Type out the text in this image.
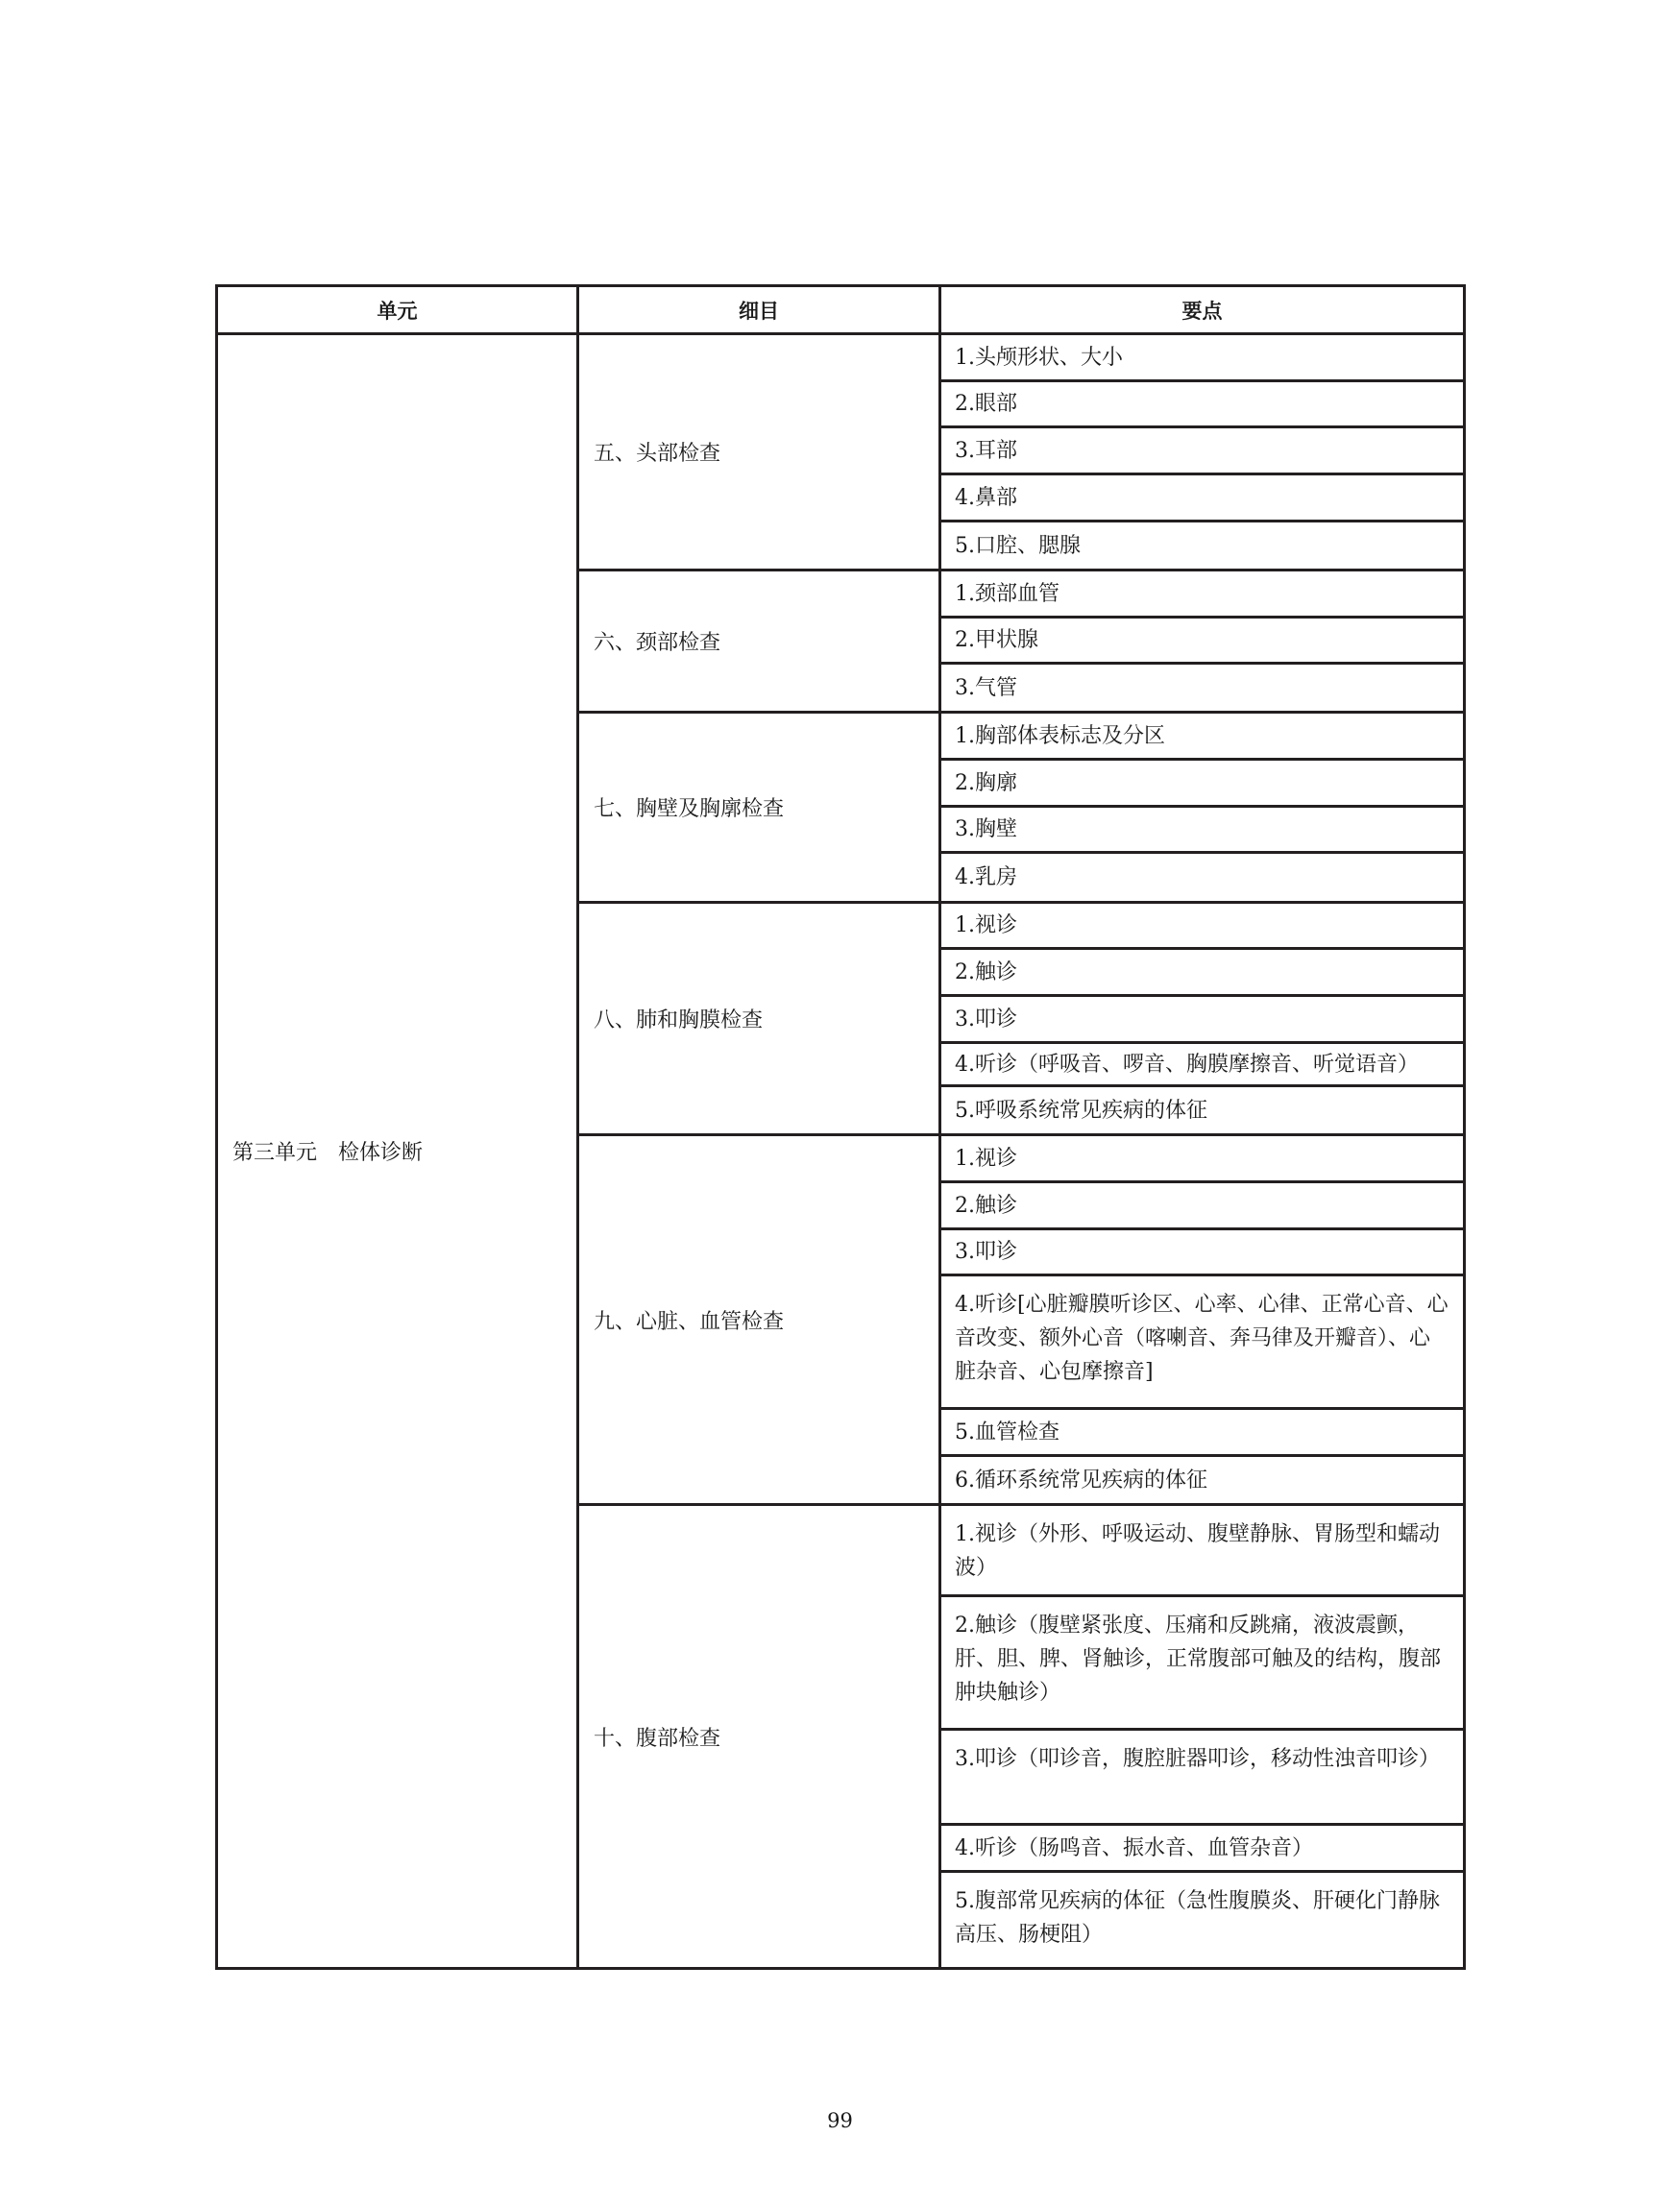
单元	细目	要点
第三单元　检体诊断
五、头部检查
1.头颅形状、大小
2.眼部
3.耳部
4.鼻部
5.口腔、腮腺
六、颈部检查
1.颈部血管
2.甲状腺
3.气管
七、胸壁及胸廓检查
1.胸部体表标志及分区
2.胸廓
3.胸壁
4.乳房
八、肺和胸膜检查
1.视诊
2.触诊
3.叩诊
4.听诊（呼吸音、啰音、胸膜摩擦音、听觉语音）
5.呼吸系统常见疾病的体征
九、心脏、血管检查
1.视诊
2.触诊
3.叩诊
4.听诊[心脏瓣膜听诊区、心率、心律、正常心音、心音改变、额外心音（喀喇音、奔马律及开瓣音）、心脏杂音、心包摩擦音]
5.血管检查
6.循环系统常见疾病的体征
十、腹部检查
1.视诊（外形、呼吸运动、腹壁静脉、胃肠型和蠕动波）
2.触诊（腹壁紧张度、压痛和反跳痛，液波震颤，肝、胆、脾、肾触诊，正常腹部可触及的结构，腹部肿块触诊）
3.叩诊（叩诊音，腹腔脏器叩诊，移动性浊音叩诊）
4.听诊（肠鸣音、振水音、血管杂音）
5.腹部常见疾病的体征（急性腹膜炎、肝硬化门静脉高压、肠梗阻）
99
